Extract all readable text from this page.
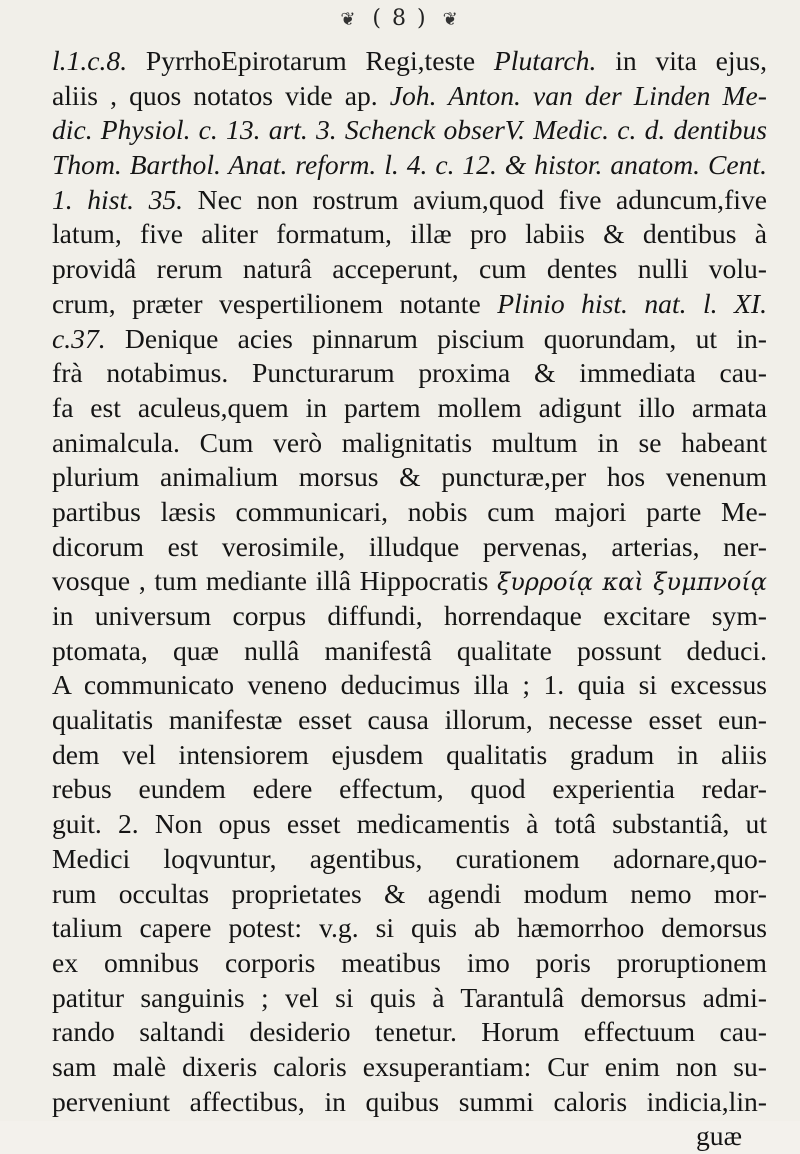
❦ ( 8 ) ❦
l.1.c.8. PyrrhoEpirotarum Regi,teste Plutarch. in vita ejus,
aliis , quos notatos vide ap. Joh. Anton. van der Linden Me-
dic. Physiol. c. 13. art. 3. Schenck obserV. Medic. c. d. dentibus
Thom. Barthol. Anat. reform. l. 4. c. 12. & histor. anatom. Cent.
1. hist. 35. Nec non rostrum avium,quod five aduncum,five
latum, five aliter formatum, illæ pro labiis & dentibus à
providâ rerum naturâ acceperunt, cum dentes nulli volu-
crum, præter vespertilionem notante Plinio hist. nat. l. XI.
c.37. Denique acies pinnarum piscium quorundam, ut in-
frà notabimus. Puncturarum proxima & immediata cau-
fa est aculeus,quem in partem mollem adigunt illo armata
animalcula. Cum verò malignitatis multum in se habeant
plurium animalium morsus & puncturæ,per hos venenum
partibus læsis communicari, nobis cum majori parte Me-
dicorum est verosimile, illudque pervenas, arterias, ner-
vosque , tum mediante illâ Hippocratis ξυρροίᾳ καὶ ξυμπνοίᾳ
in universum corpus diffundi, horrendaque excitare sym-
ptomata, quæ nullâ manifestâ qualitate possunt deduci.
A communicato veneno deducimus illa ; 1. quia si excessus
qualitatis manifestæ esset causa illorum, necesse esset eun-
dem vel intensiorem ejusdem qualitatis gradum in aliis
rebus eundem edere effectum, quod experientia redar-
guit. 2. Non opus esset medicamentis à totâ substantiâ, ut
Medici loqvuntur, agentibus, curationem adornare,quo-
rum occultas proprietates & agendi modum nemo mor-
talium capere potest: v.g. si quis ab hæmorrhoo demorsus
ex omnibus corporis meatibus imo poris proruptionem
patitur sanguinis ; vel si quis à Tarantulâ demorsus admi-
rando saltandi desiderio tenetur. Horum effectuum cau-
sam malè dixeris caloris exsuperantiam: Cur enim non su-
perveniunt affectibus, in quibus summi caloris indicia,lin-
guæ
